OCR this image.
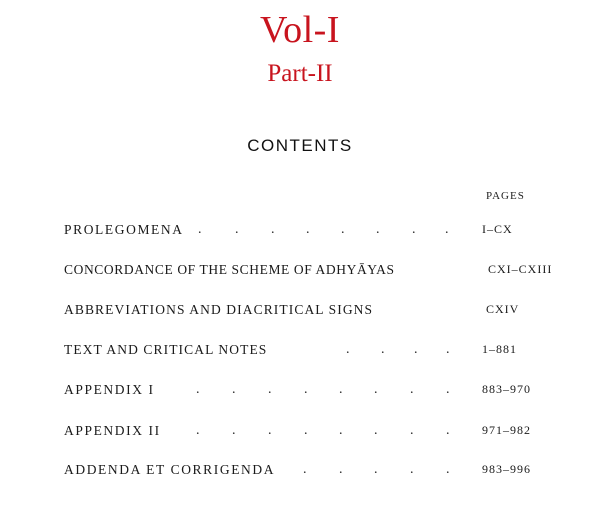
Vol-I
Part-II
CONTENTS
PAGES
PROLEGOMENA . . . . . . . .	I–CX
CONCORDANCE OF THE SCHEME OF ADHYĀYAS	CXI–CXIII
ABBREVIATIONS AND DIACRITICAL SIGNS	CXIV
TEXT AND CRITICAL NOTES	. . . .	1–881
APPENDIX I	. . . . . . . .	883–970
APPENDIX II	. . . . . . . .	971–982
ADDENDA ET CORRIGENDA . . . . .	983–996
